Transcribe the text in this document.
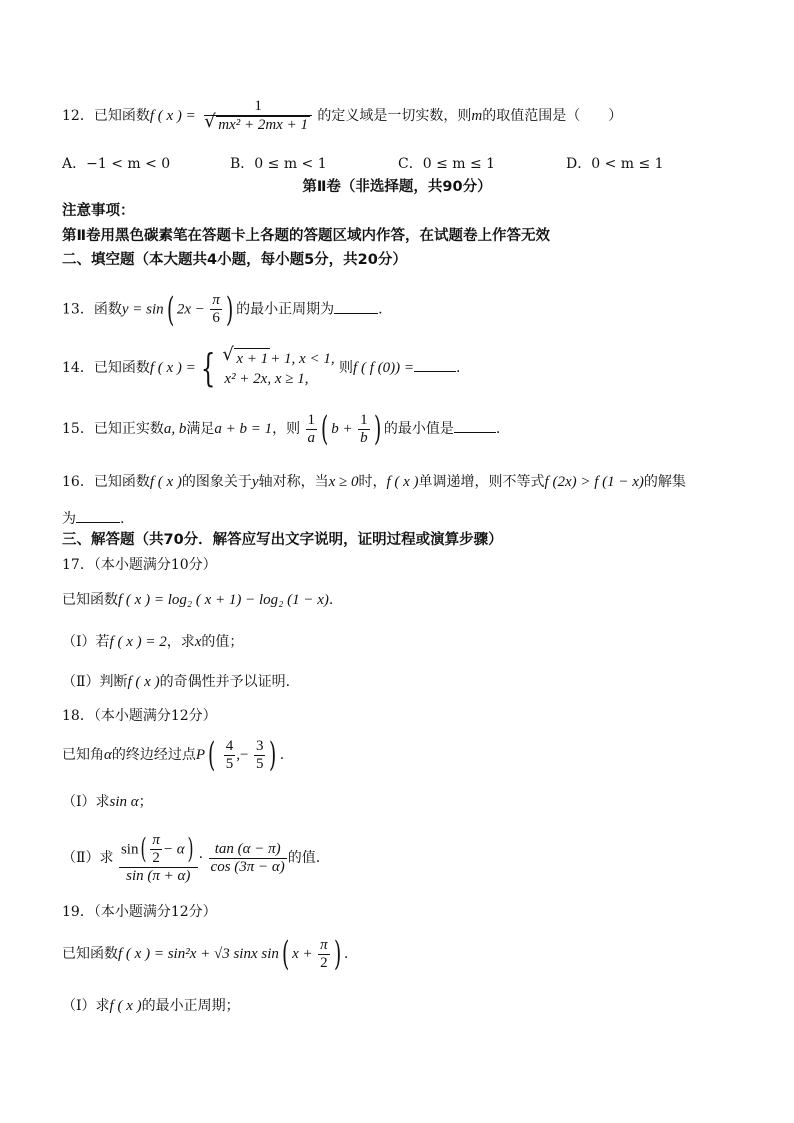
12．已知函数f ( x ) = $\frac{1}{\text{√ mx² + 2mx + 1}}$ 的定义域是一切实数，则m的取值范围是（　　）
A．−1 < m < 0	B．0 ≤ m < 1	C．0 ≤ m ≤ 1	D．0 < m ≤ 1
第Ⅱ卷（非选择题，共90分）
注意事项：
第Ⅱ卷用黑色碳素笔在答题卡上各题的答题区域内作答，在试题卷上作答无效
二、填空题（本大题共4小题，每小题5分，共20分）
13．函数y = sin( $2x - \frac{\pi}{6}$ ) 的最小正周期为	.
14．已知函数f ( x ) = { √ x + 1 + 1, x < 1,
x² + 2x, x ≥ 1,
则f ( f (0)) =	.
15．已知正实数a, b满足a + b = 1，则 $\frac{1}{a}$ ( $b + \frac{1}{b}$ ) 的最小值是	.
16．已知函数f ( x )的图象关于y轴对称，当x ≥ 0时，f ( x )单调递增，则不等式f (2x) > f (1 − x)的解集
为	.
三、解答题（共70分．解答应写出文字说明，证明过程或演算步骤）
17．（本小题满分10分）
已知函数f ( x ) = log₂ ( x + 1) − log₂ (1 − x).
（Ⅰ）若f ( x ) = 2，求x的值；
（Ⅱ）判断f ( x )的奇偶性并予以证明.
18．（本小题满分12分）
已知角α的终边经过点$P( \frac{4}{5}$ ,− $\frac{3}{5}$ ) .
（Ⅰ）求sin α；
（Ⅱ）求 $\frac{\sin( \frac{\pi}{2} - \alpha)}{\sin (\pi + \alpha)} \cdot \frac{\tan (\alpha - \pi)}{\cos (3\pi - \alpha)}$ 的值.
19．（本小题满分12分）
已知函数f ( x ) = sin²x + √3 sinx sin( $x + \frac{\pi}{2}$ ) .
（Ⅰ）求f ( x )的最小正周期；
